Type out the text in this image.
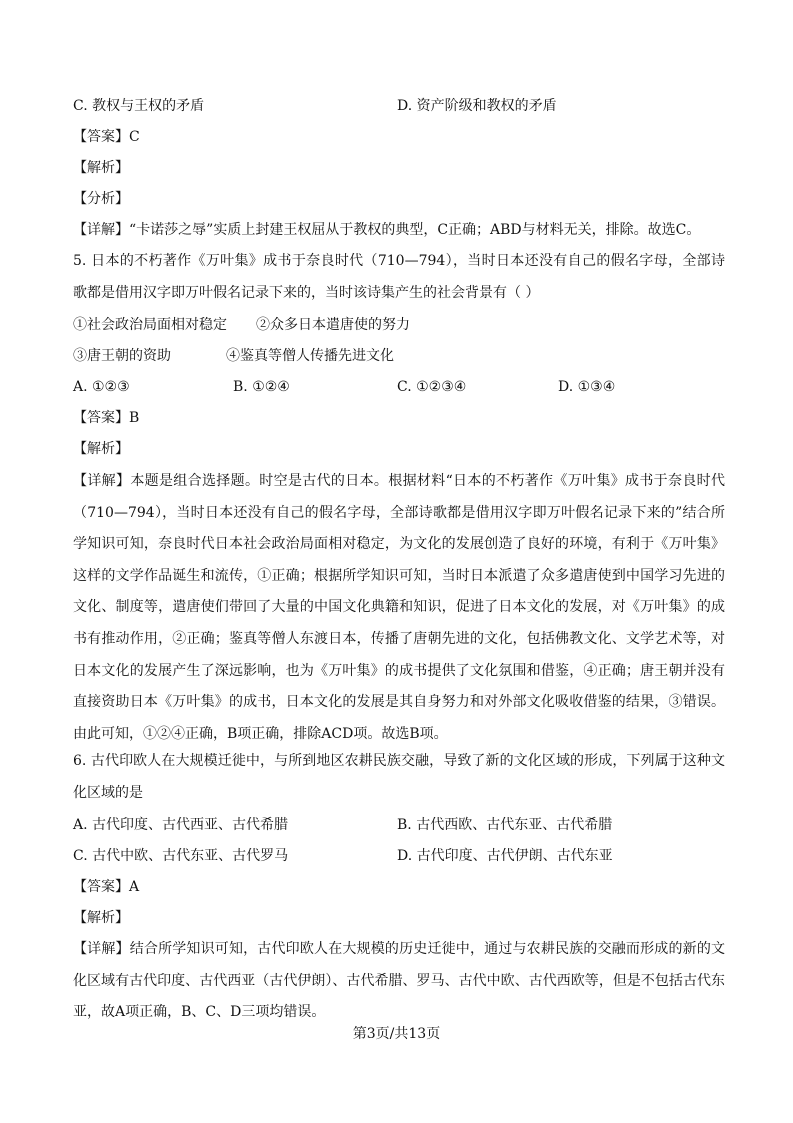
C. 教权与王权的矛盾	D. 资产阶级和教权的矛盾
【答案】C
【解析】
【分析】
【详解】“卡诺莎之辱”实质上封建王权屈从于教权的典型，C正确；ABD与材料无关，排除。故选C。
5. 日本的不朽著作《万叶集》成书于奈良时代（710—794），当时日本还没有自己的假名字母，全部诗歌都是借用汉字即万叶假名记录下来的，当时该诗集产生的社会背景有（ ）
①社会政治局面相对稳定 ②众多日本遣唐使的努力
③唐王朝的资助	④鉴真等僧人传播先进文化
A. ①②③	B. ①②④	C. ①②③④	D. ①③④
【答案】B
【解析】
【详解】本题是组合选择题。时空是古代的日本。根据材料“日本的不朽著作《万叶集》成书于奈良时代（710—794），当时日本还没有自己的假名字母，全部诗歌都是借用汉字即万叶假名记录下来的”结合所学知识可知，奈良时代日本社会政治局面相对稳定，为文化的发展创造了良好的环境，有利于《万叶集》这样的文学作品诞生和流传，①正确；根据所学知识可知，当时日本派遣了众多遣唐使到中国学习先进的文化、制度等，遣唐使们带回了大量的中国文化典籍和知识，促进了日本文化的发展，对《万叶集》的成书有推动作用，②正确；鉴真等僧人东渡日本，传播了唐朝先进的文化，包括佛教文化、文学艺术等，对日本文化的发展产生了深远影响，也为《万叶集》的成书提供了文化氛围和借鉴，④正确；唐王朝并没有直接资助日本《万叶集》的成书，日本文化的发展是其自身努力和对外部文化吸收借鉴的结果，③错误。由此可知，①②④正确，B项正确，排除ACD项。故选B项。
6. 古代印欧人在大规模迁徙中，与所到地区农耕民族交融，导致了新的文化区域的形成，下列属于这种文化区域的是
A. 古代印度、古代西亚、古代希腊	B. 古代西欧、古代东亚、古代希腊
C. 古代中欧、古代东亚、古代罗马	D. 古代印度、古代伊朗、古代东亚
【答案】A
【解析】
【详解】结合所学知识可知，古代印欧人在大规模的历史迁徙中，通过与农耕民族的交融而形成的新的文化区域有古代印度、古代西亚（古代伊朗）、古代希腊、罗马、古代中欧、古代西欧等，但是不包括古代东亚，故A项正确，B、C、D三项均错误。
第3页/共13页
